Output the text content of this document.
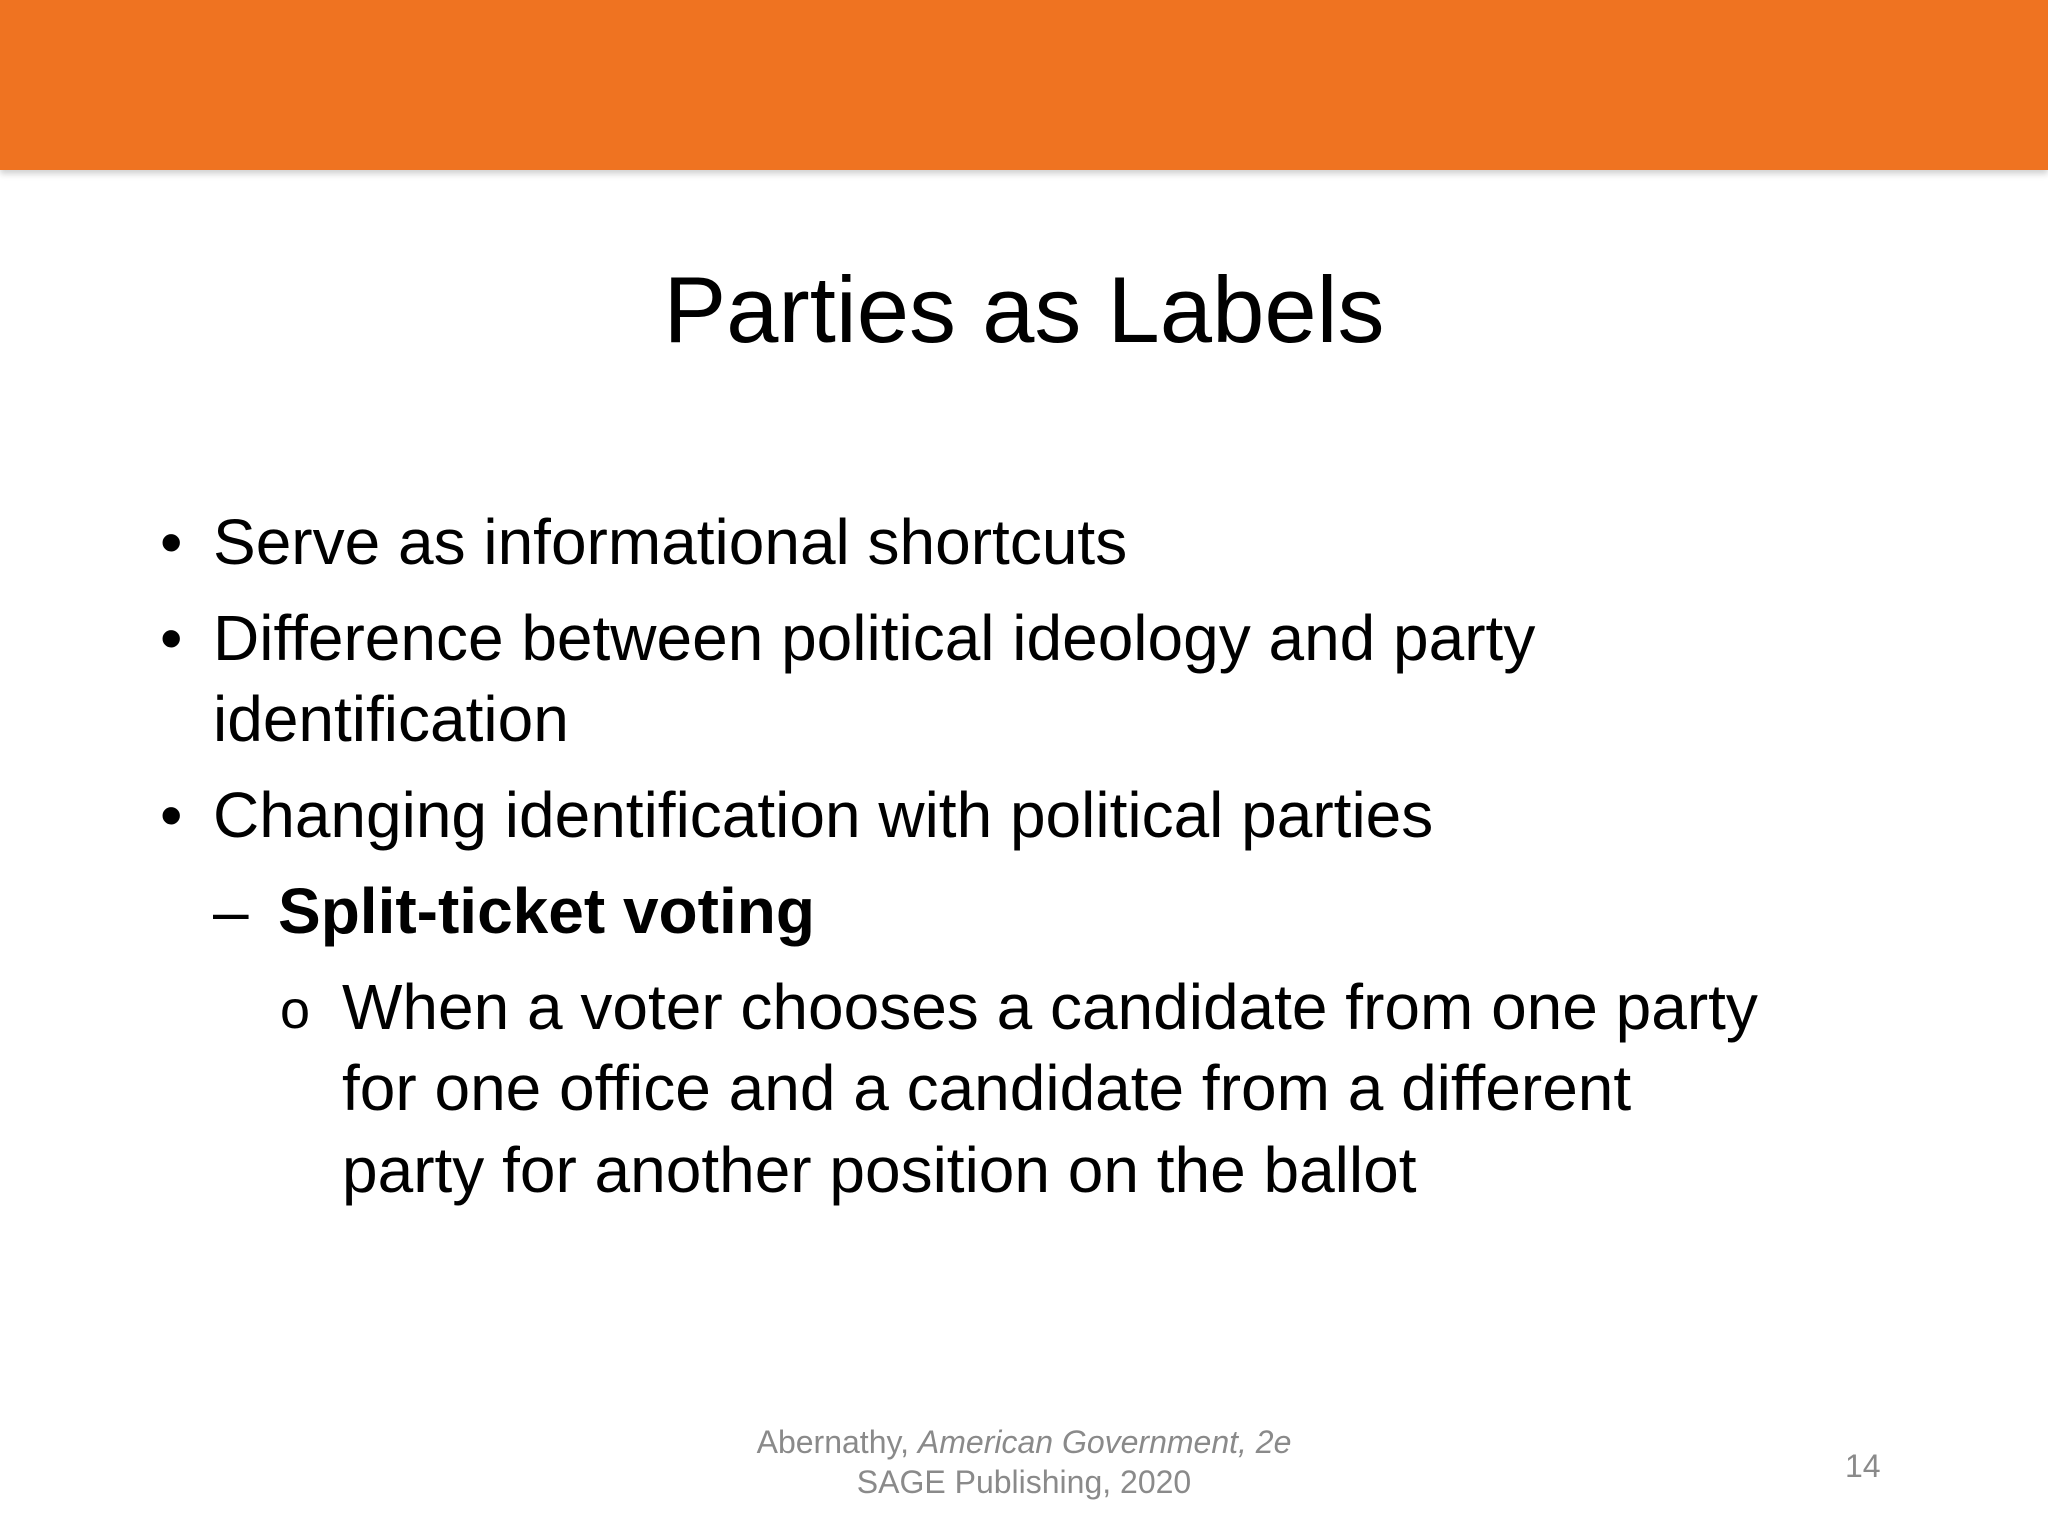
Parties as Labels
• Serve as informational shortcuts
• Difference between political ideology and party
identification
• Changing identification with political parties
– Split-ticket voting
o When a voter chooses a candidate from one party
for one office and a candidate from a different
party for another position on the ballot
Abernathy, American Government, 2e
SAGE Publishing, 2020	14
